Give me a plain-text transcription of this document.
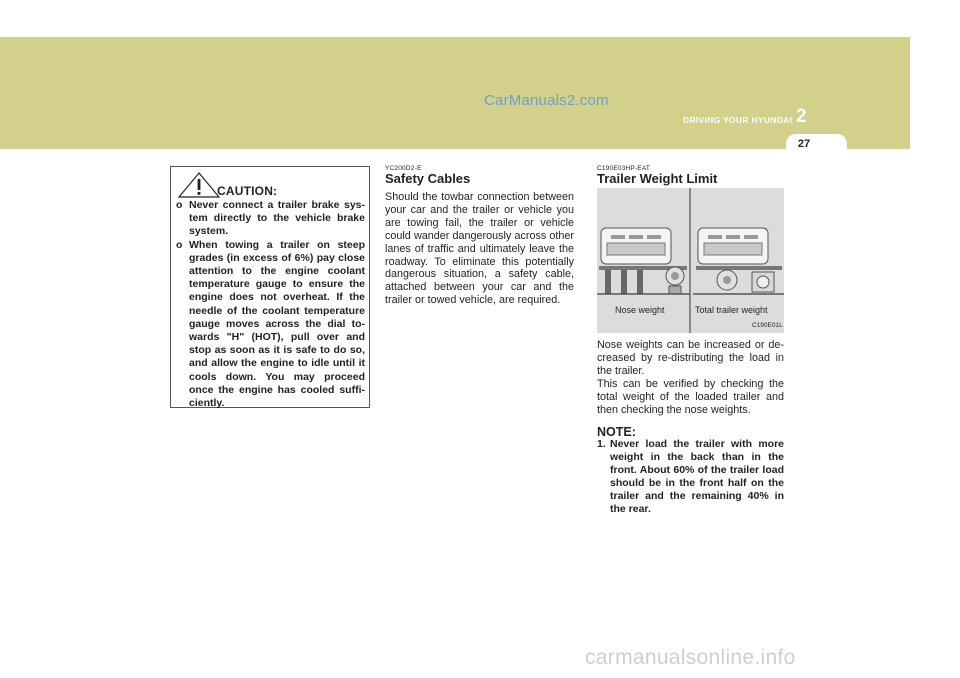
CarManuals2.com
DRIVING YOUR HYUNDAI 2
27
CAUTION:
o Never connect a trailer brake sys-tem directly to the vehicle brake system.
o When towing a trailer on steep grades (in excess of 6%) pay close attention to the engine coolant temperature gauge to ensure the engine does not overheat. If the needle of the coolant temperature gauge moves across the dial to-wards "H" (HOT), pull over and stop as soon as it is safe to do so, and allow the engine to idle until it cools down. You may proceed once the engine has cooled suffi-ciently.
YC200D2-E
Safety Cables

Should the towbar connection between your car and the trailer or vehicle you are towing fail, the trailer or vehicle could wander dangerously across other lanes of traffic and ultimately leave the roadway. To eliminate this potentially dangerous situation, a safety cable, attached between your car and the trailer or towed vehicle, are required.

C190E03HP-EAT
Trailer Weight Limit
Nose weight	Total trailer weight
C190E01L

Nose weights can be increased or de-creased by re-distributing the load in the trailer.

This can be verified by checking the total weight of the loaded trailer and then checking the nose weights.

NOTE:
1. Never load the trailer with more weight in the back than in the front. About 60% of the trailer load should be in the front half on the trailer and the remaining 40% in the rear.
carmanualsonline.info
